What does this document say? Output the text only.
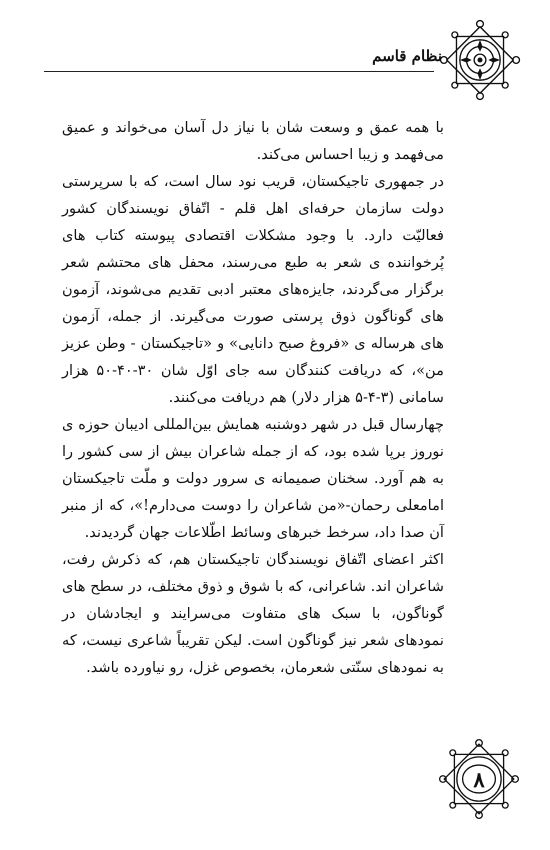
نظام قاسم
۸

با همه عمق و وسعت شان با نیاز دل آسان می‌خواند و عمیق می‌فهمد و زیبا احساس می‌کند.

در جمهوری تاجیکستان، قریب نود سال است، که با سرپرستی دولت سازمان حرفه‌ای اهل قلم - اتّفاق نویسندگان کشور فعالیّت دارد. با وجود مشکلات اقتصادی پیوسته کتاب های پُرخواننده ی شعر به طبع می‌رسند، محفل های محتشم شعر برگزار می‌گردند، جایزه‌های معتبر ادبی تقدیم می‌شوند، آزمون های گوناگون ذوق پرستی صورت می‌گیرند. از جمله، آزمون های هرساله ی «فروغ صبح دانایی» و «تاجیکستان - وطن عزیز من»، که دریافت کنندگان سه جای اوّل شان ۳۰-۴۰-۵۰ هزار سامانی (۳-۴-۵ هزار دلار) هم دریافت می‌کنند.

چهارسال قبل در شهر دوشنبه همایش بین‌المللی ادیبان حوزه ی نوروز برپا شده بود، که از جمله شاعران بیش از سی کشور را به هم آورد. سخنان صمیمانه ی سرور دولت و ملّت تاجیکستان امامعلی رحمان-«من شاعران را دوست می‌دارم!»، که از منبر آن صدا داد، سرخط خبرهای وسائط اطّلاعات جهان گردیدند.

اکثر اعضای اتّفاق نویسندگان تاجیکستان هم، که ذکرش رفت، شاعران اند. شاعرانی، که با شوق و ذوق مختلف، در سطح های گوناگون، با سبک های متفاوت می‌سرایند و ایجادشان در نمودهای شعر نیز گوناگون است. لیکن تقریباً شاعری نیست، که به نمودهای سنّتی شعرمان، بخصوص غزل، رو نیاورده باشد.
